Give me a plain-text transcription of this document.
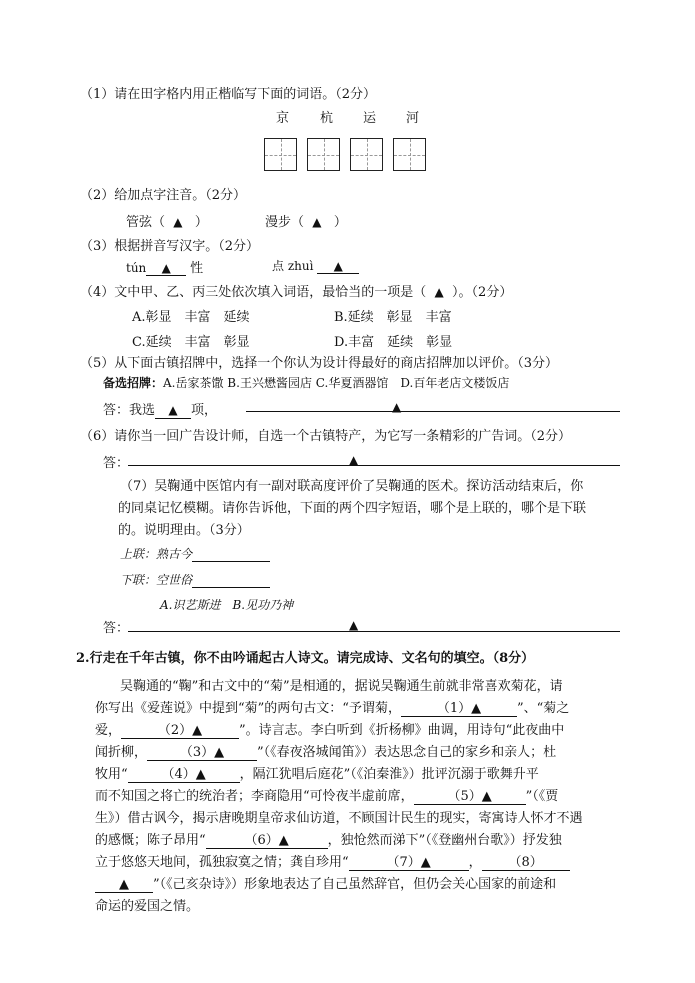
（1）请在田字格内用正楷临写下面的词语。（2分）
京 杭 运 河
（2）给加点字注音。（2分）
管弦（ ▲ ）	漫步（ ▲ ）
（3）根据拼音写汉字。（2分）
tún ▲ 性	点 zhuì ▲
（4）文中甲、乙、丙三处依次填入词语，最恰当的一项是（ ▲ ）。（2分）
A.彰显　丰富　延续	B.延续　彰显　丰富
C.延续　丰富　彰显	D.丰富　延续　彰显
（5）从下面古镇招牌中，选择一个你认为设计得最好的商店招牌加以评价。（3分）
备选招牌：A.岳家茶馓 B.王兴懋酱园店 C.华夏酒器馆　D.百年老店文楼饭店
答：我选 ▲ 项，	▲
（6）请你当一回广告设计师，自选一个古镇特产，为它写一条精彩的广告词。（2分）
答：	▲
（7）吴鞠通中医馆内有一副对联高度评价了吴鞠通的医术。探访活动结束后，你
的同桌记忆模糊。请你告诉他，下面的两个四字短语，哪个是上联的，哪个是下联
的。说明理由。（3分）
上联：熟古今
下联：空世俗
A.识艺斯进　B.见功乃神
答：	▲
2.行走在千年古镇，你不由吟诵起古人诗文。请完成诗、文名句的填空。（8分）
吴鞠通的“鞠”和古文中的“菊”是相通的，据说吴鞠通生前就非常喜欢菊花，请
你写出《爱莲说》中提到“菊”的两句古文：“予谓菊，	（1）▲	”、“菊之
爱，	（2）▲	”。诗言志。李白听到《折杨柳》曲调，用诗句“此夜曲中
闻折柳，	（3）▲	”（《春夜洛城闻笛》）表达思念自己的家乡和亲人；杜
牧用“	（4）▲	，隔江犹唱后庭花”（《泊秦淮》）批评沉溺于歌舞升平
而不知国之将亡的统治者；李商隐用“可怜夜半虚前席，	（5）▲	”（《贾
生》）借古讽今，揭示唐晚期皇帝求仙访道，不顾国计民生的现实，寄寓诗人怀才不遇
的感慨；陈子昂用“	（6）▲	，独怆然而涕下”（《登幽州台歌》）抒发独
立于悠悠天地间，孤独寂寞之情；龚自珍用“	（7）▲	， （8）
▲ ”（《己亥杂诗》）形象地表达了自己虽然辞官，但仍会关心国家的前途和
命运的爱国之情。
